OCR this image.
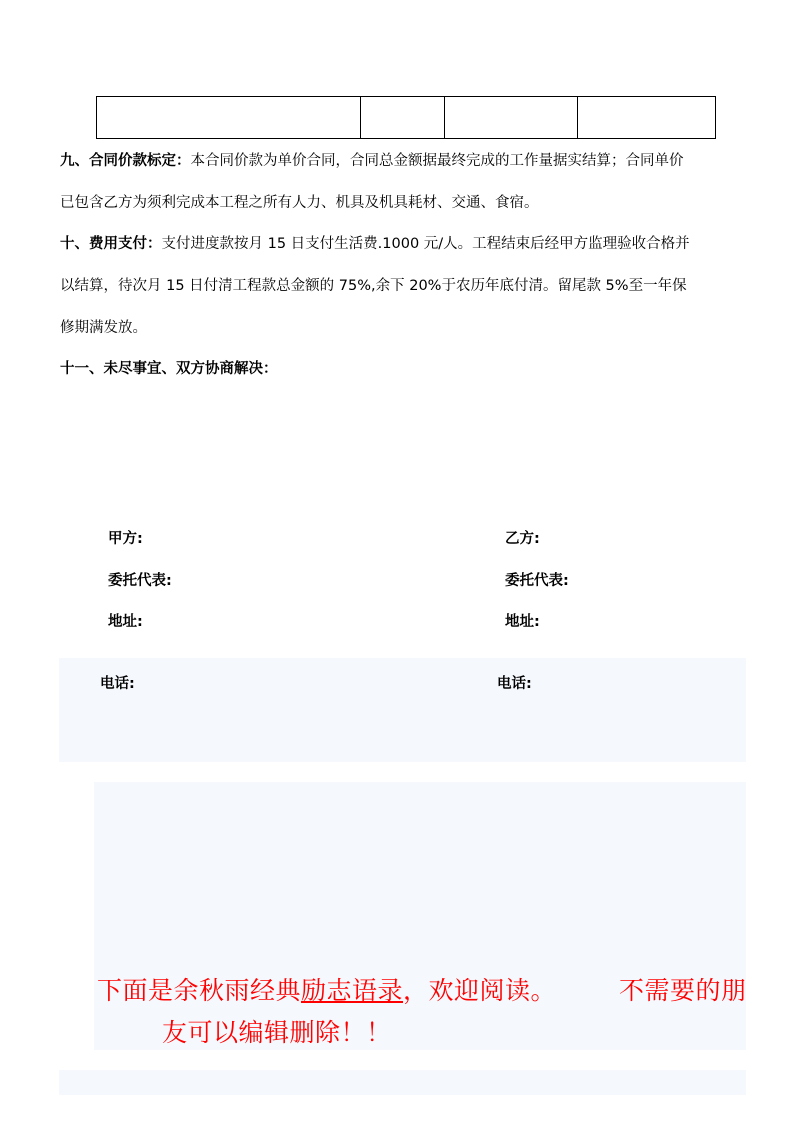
九、合同价款标定：本合同价款为单价合同，合同总金额据最终完成的工作量据实结算；合同单价
已包含乙方为须利完成本工程之所有人力、机具及机具耗材、交通、食宿。
十、费用支付：支付进度款按月 15 日支付生活费.1000 元/人。工程结束后经甲方监理验收合格并
以结算，待次月 15 日付清工程款总金额的 75%,余下 20%于农历年底付清。留尾款 5%至一年保
修期满发放。
十一、未尽事宜、双方协商解决：
甲方:	乙方:
委托代表:	委托代表:
地址:	地址:
电话:	电话:
下面是余秋雨经典励志语录，欢迎阅读。	不需要的朋
友可以编辑删除！！
